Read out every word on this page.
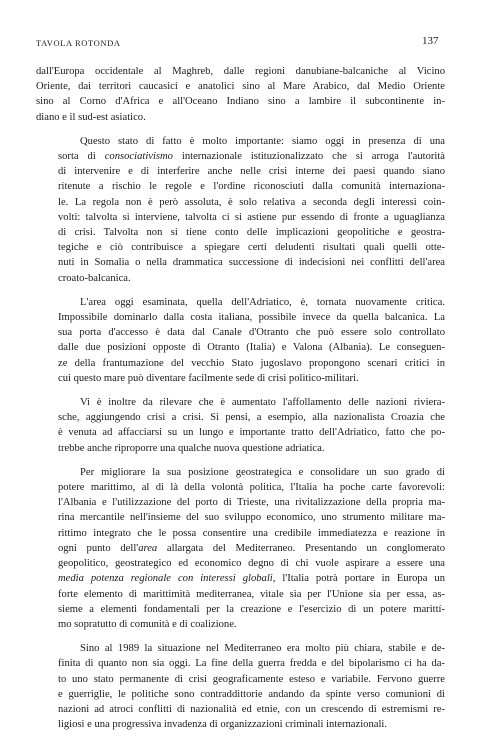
TAVOLA ROTONDA	137

dall'Europa occidentale al Maghreb, dalle regioni danubiane-balcaniche al Vicino
Oriente, dai territori caucasici e anatolici sino al Mare Arabico, dal Medio Oriente
sino al Corno d'Africa e all'Oceano Indiano sino a lambire il subcontinente in-
diano e il sud-est asiatico.

Questo stato di fatto è molto importante: siamo oggi in presenza di una
sorta di consociativismo internazionale istituzionalizzato che si arroga l'autorità
di intervenire e di interferire anche nelle crisi interne dei paesi quando siano
ritenute a rischio le regole e l'ordine riconosciuti dalla comunità internaziona-
le. La regola non è però assoluta, è solo relativa a seconda degli interessi coin-
volti: talvolta si interviene, talvolta ci si astiene pur essendo di fronte a uguaglianza
di crisi. Talvolta non si tiene conto delle implicazioni geopolitiche e geostra-
tegiche e ciò contribuisce a spiegare certi deludenti risultati quali quelli otte-
nuti in Somalia o nella drammatica successione di indecisioni nei conflitti dell'area
croato-balcanica.

L'area oggi esaminata, quella dell'Adriatico, è, tornata nuovamente critica.
Impossibile dominarlo dalla costa italiana, possibile invece da quella balcanica. La
sua porta d'accesso è data dal Canale d'Otranto che può essere solo controllato
dalle due posizioni opposte di Otranto (Italia) e Valona (Albania). Le conseguen-
ze della frantumazione del vecchio Stato jugoslavo propongono scenari critici in
cui questo mare può diventare facilmente sede di crisi politico-militari.

Vi è inoltre da rilevare che è aumentato l'affollamento delle nazioni rivierа-
sche, aggiungendo crisi a crisi. Si pensi, a esempio, alla nazionalista Croazia che
è venuta ad affacciarsi su un lungo e importante tratto dell'Adriatico, fatto che po-
trebbe anche riproporre una qualche nuova questione adriatica.

Per migliorare la sua posizione geostrategica e consolidare un suo grado di
potere marittimo, al di là della volontà politica, l'Italia ha poche carte favorevoli:
l'Albania e l'utilizzazione del porto di Trieste, una rivitalizzazione della propria ma-
rina mercantile nell'insieme del suo sviluppo economico, uno strumento militare ma-
rittimo integrato che le possa consentire una credibile immediatezza e reazione in
ogni punto dell'area allargata del Mediterraneo. Presentando un conglomerato
geopolitico, geostrategico ed economico degno di chi vuole aspirare a essere una
media potenza regionale con interessi globali, l'Italia potrà portare in Europa un
forte elemento di marittimità mediterranea, vitale sia per l'Unione sia per essa, as-
sieme a elementi fondamentali per la creazione e l'esercizio di un potere marittí-
mo sopratutto di comunità e di coalizione.

Sino al 1989 la situazione nel Mediterraneo era molto più chiara, stabile e de-
finita di quanto non sia oggi. La fine della guerra fredda e del bipolarismo ci ha da-
to uno stato permanente di crisi geograficamente esteso e variabile. Fervono guerre
e guerriglie, le politiche sono contraddittorie andando da spinte verso comunioni di
nazioni ad atroci conflitti di nazionalità ed etnie, con un crescendo di estremismi re-
ligiosi e una progressiva invadenza di organizzazioni criminali internazionali.
